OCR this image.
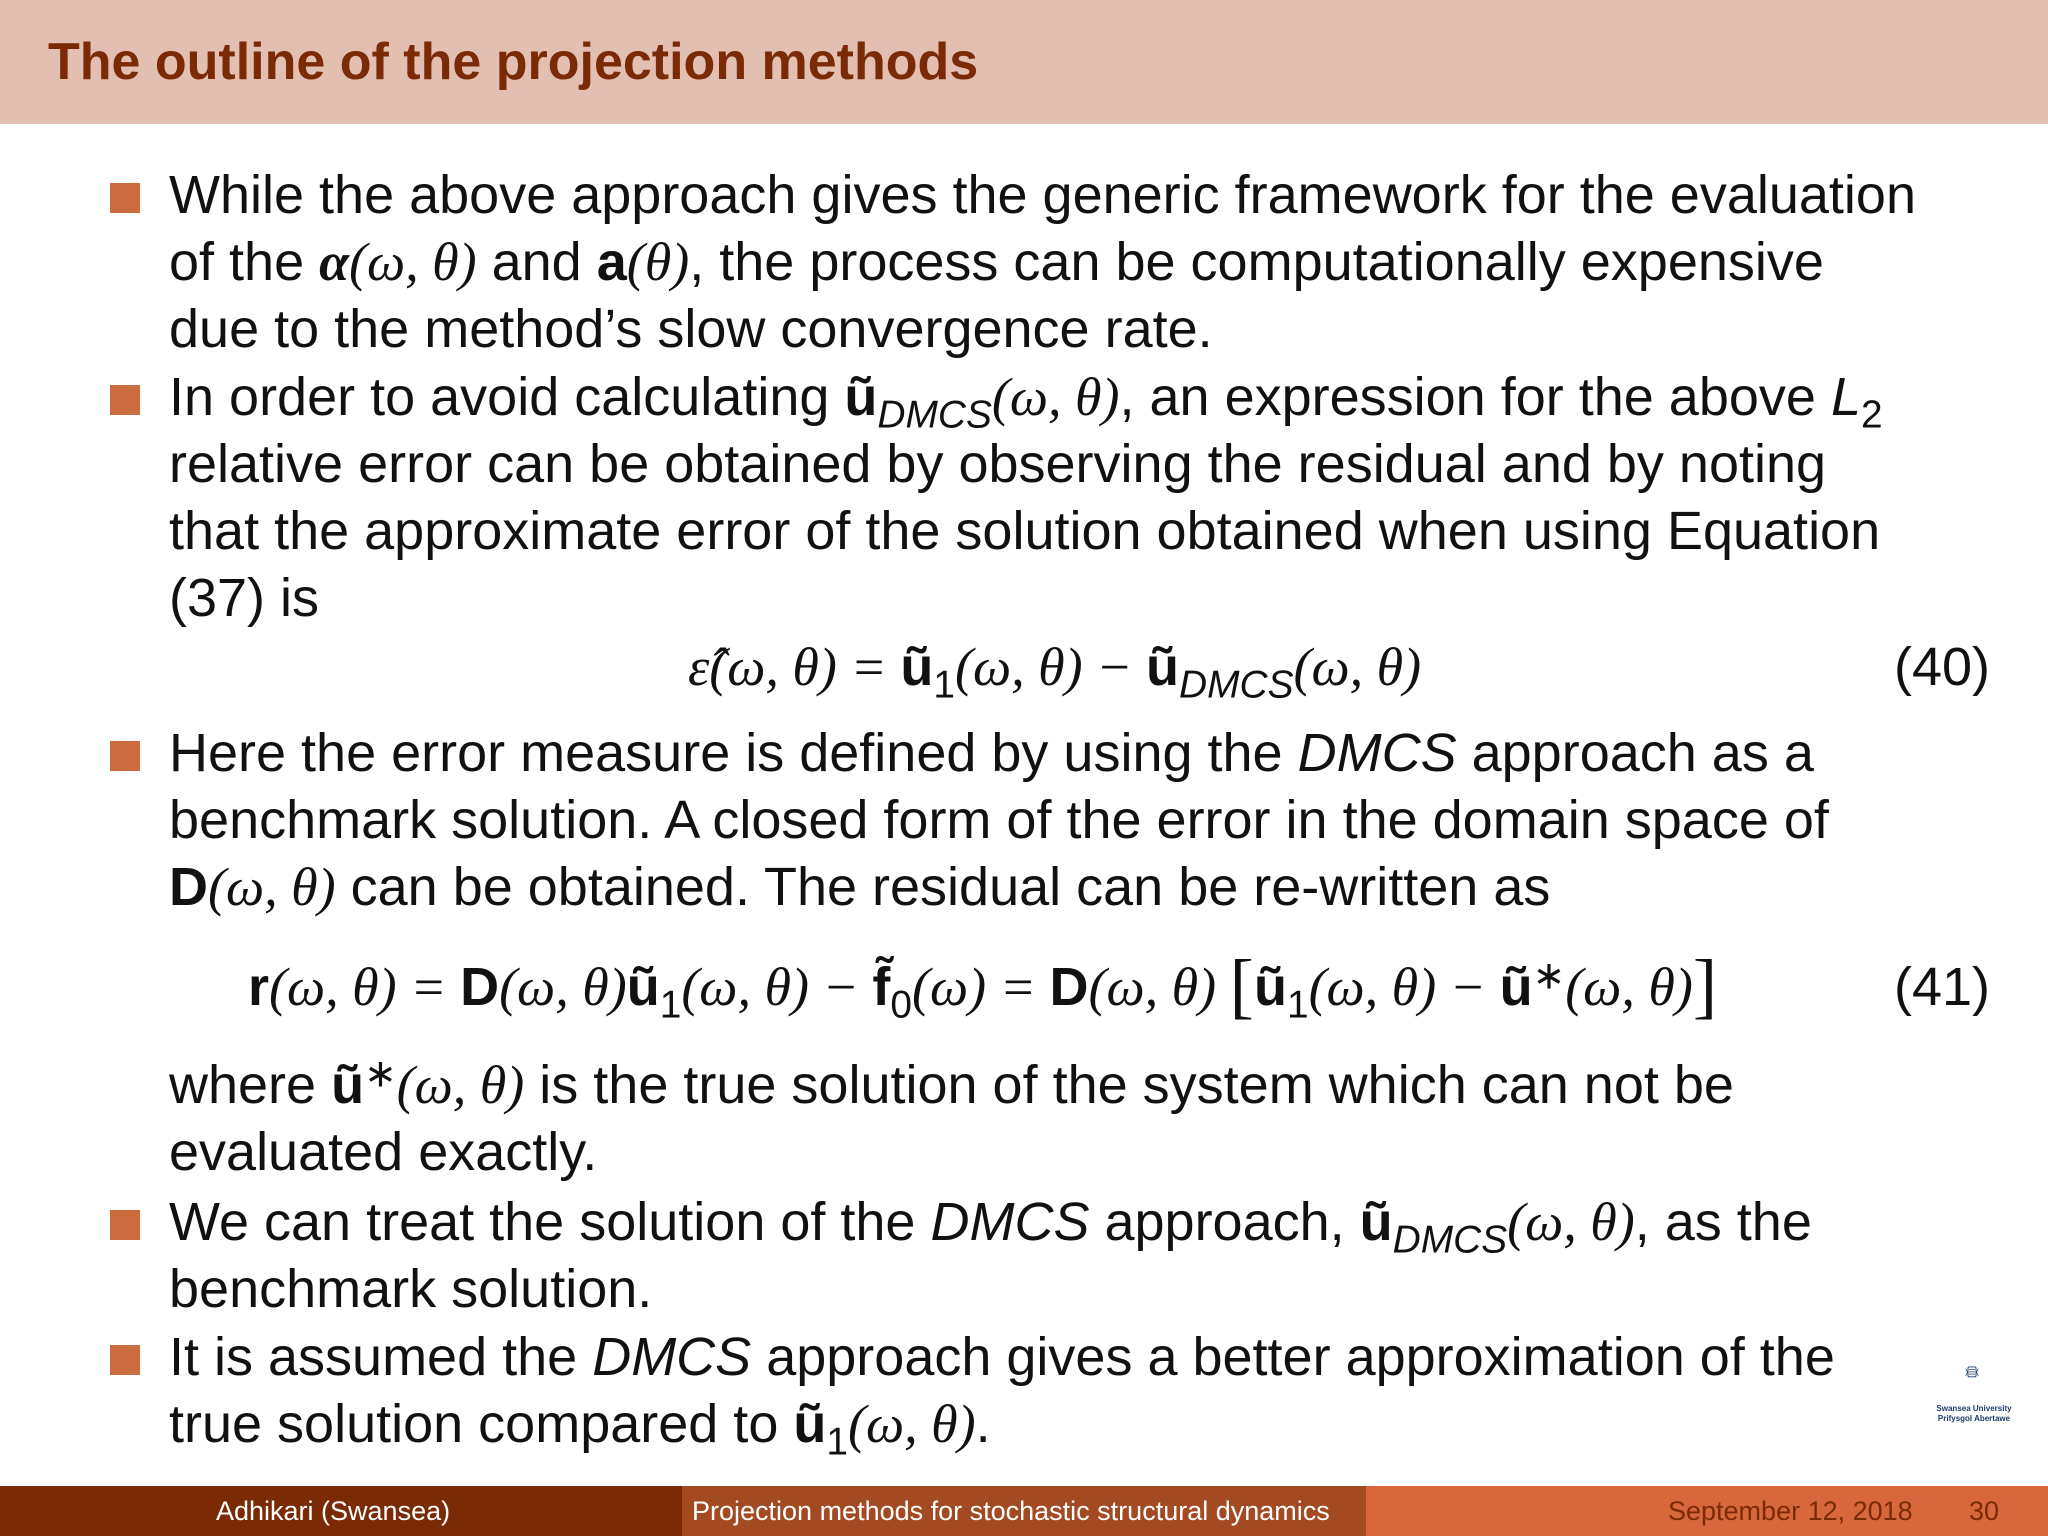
The outline of the projection methods
While the above approach gives the generic framework for the evaluation
of the α(ω, θ) and a(θ), the process can be computationally expensive
due to the method’s slow convergence rate.
In order to avoid calculating $ũ_{DMCS}(\omega$, θ), an expression for the above $L_2$
relative error can be obtained by observing the residual and by noting
that the approximate error of the solution obtained when using Equation
(37) is
ε̂(ω, $\theta) = ũ_1(\omega$, $\theta) - ũ_{DMCS}(\omega$, θ)	(40)
Here the error measure is defined by using the DMCS approach as a
benchmark solution. A closed form of the error in the domain space of
D(ω, θ) can be obtained. The residual can be re-written as
r(ω, θ) = D(ω, $\theta)ũ_1(\omega$, $\theta) - f̃_0(\omega) = D(\omega$, θ) [$ũ_1(\omega$, θ) − ũ∗(ω, θ)]	(41)
where ũ∗(ω, θ) is the true solution of the system which can not be
evaluated exactly.
We can treat the solution of the DMCS approach, $ũ_{DMCS}(\omega$, θ), as the
benchmark solution.
It is assumed the DMCS approach gives a better approximation of the
true solution compared to $ũ_1(\omega$, θ).	Swansea University
Prifysgol Abertawe
Adhikari (Swansea)	Projection methods for stochastic structural dynamics	September 12, 2018 30
